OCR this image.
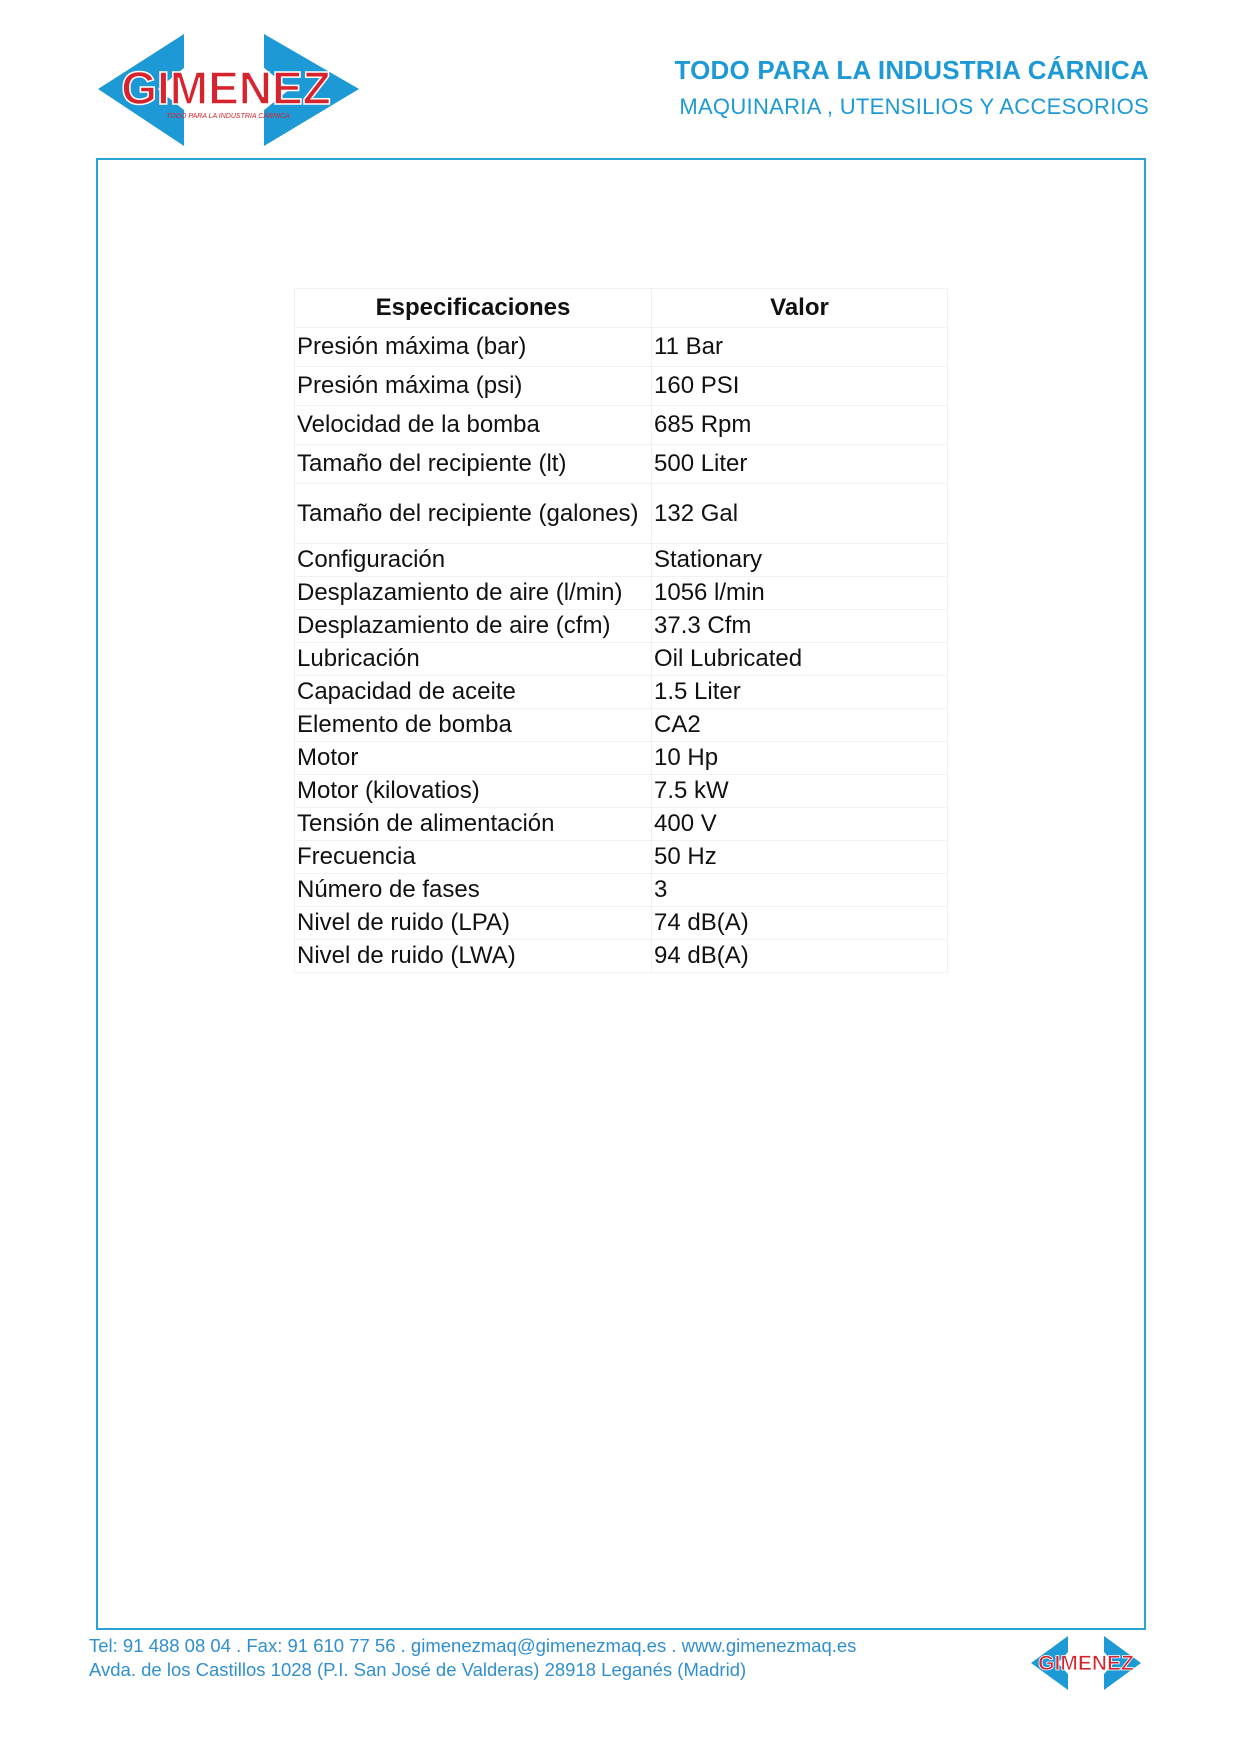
GIMENEZ
TODO PARA LA INDUSTRIA CÁRNICA
TODO PARA LA INDUSTRIA CÁRNICA
MAQUINARIA , UTENSILIOS Y ACCESORIOS
Especificaciones	Valor
Presión máxima (bar)	11 Bar
Presión máxima (psi)	160 PSI
Velocidad de la bomba	685 Rpm
Tamaño del recipiente (lt)	500 Liter
Tamaño del recipiente (galones)	132 Gal
Configuración	Stationary
Desplazamiento de aire (l/min)	1056 l/min
Desplazamiento de aire (cfm)	37.3 Cfm
Lubricación	Oil Lubricated
Capacidad de aceite	1.5 Liter
Elemento de bomba	CA2
Motor	10 Hp
Motor (kilovatios)	7.5 kW
Tensión de alimentación	400 V
Frecuencia	50 Hz
Número de fases	3
Nivel de ruido (LPA)	74 dB(A)
Nivel de ruido (LWA)	94 dB(A)
Tel: 91 488 08 04 . Fax: 91 610 77 56 . gimenezmaq@gimenezmaq.es . www.gimenezmaq.es
Avda. de los Castillos 1028 (P.I. San José de Valderas) 28918 Leganés (Madrid)	GIMENEZ
